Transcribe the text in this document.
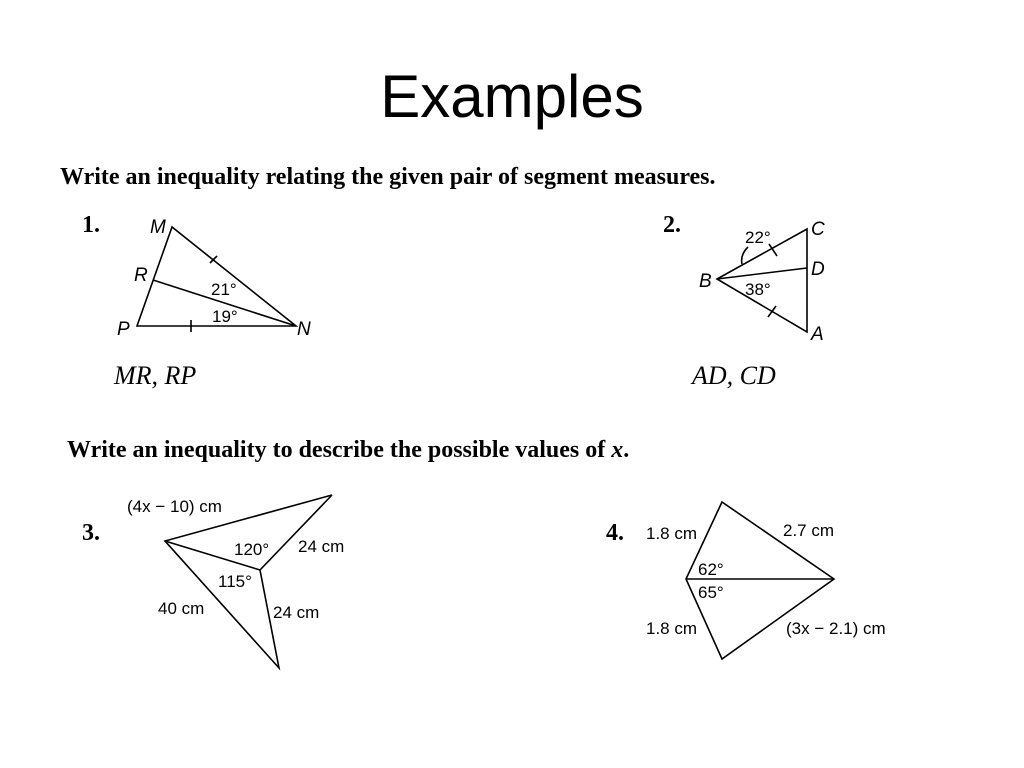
Examples
Write an inequality relating the given pair of segment measures.
1.	M
R
P	N
21°
19°
MR, RP
2.
B
C
D
A
22°
38°
AD, CD
Write an inequality to describe the possible values of x.
3.
(4x − 10) cm
24 cm
24 cm
40 cm
120°
115°
4. 1.8 cm	2.7 cm
1.8 cm	(3x − 2.1) cm
62°
65°
